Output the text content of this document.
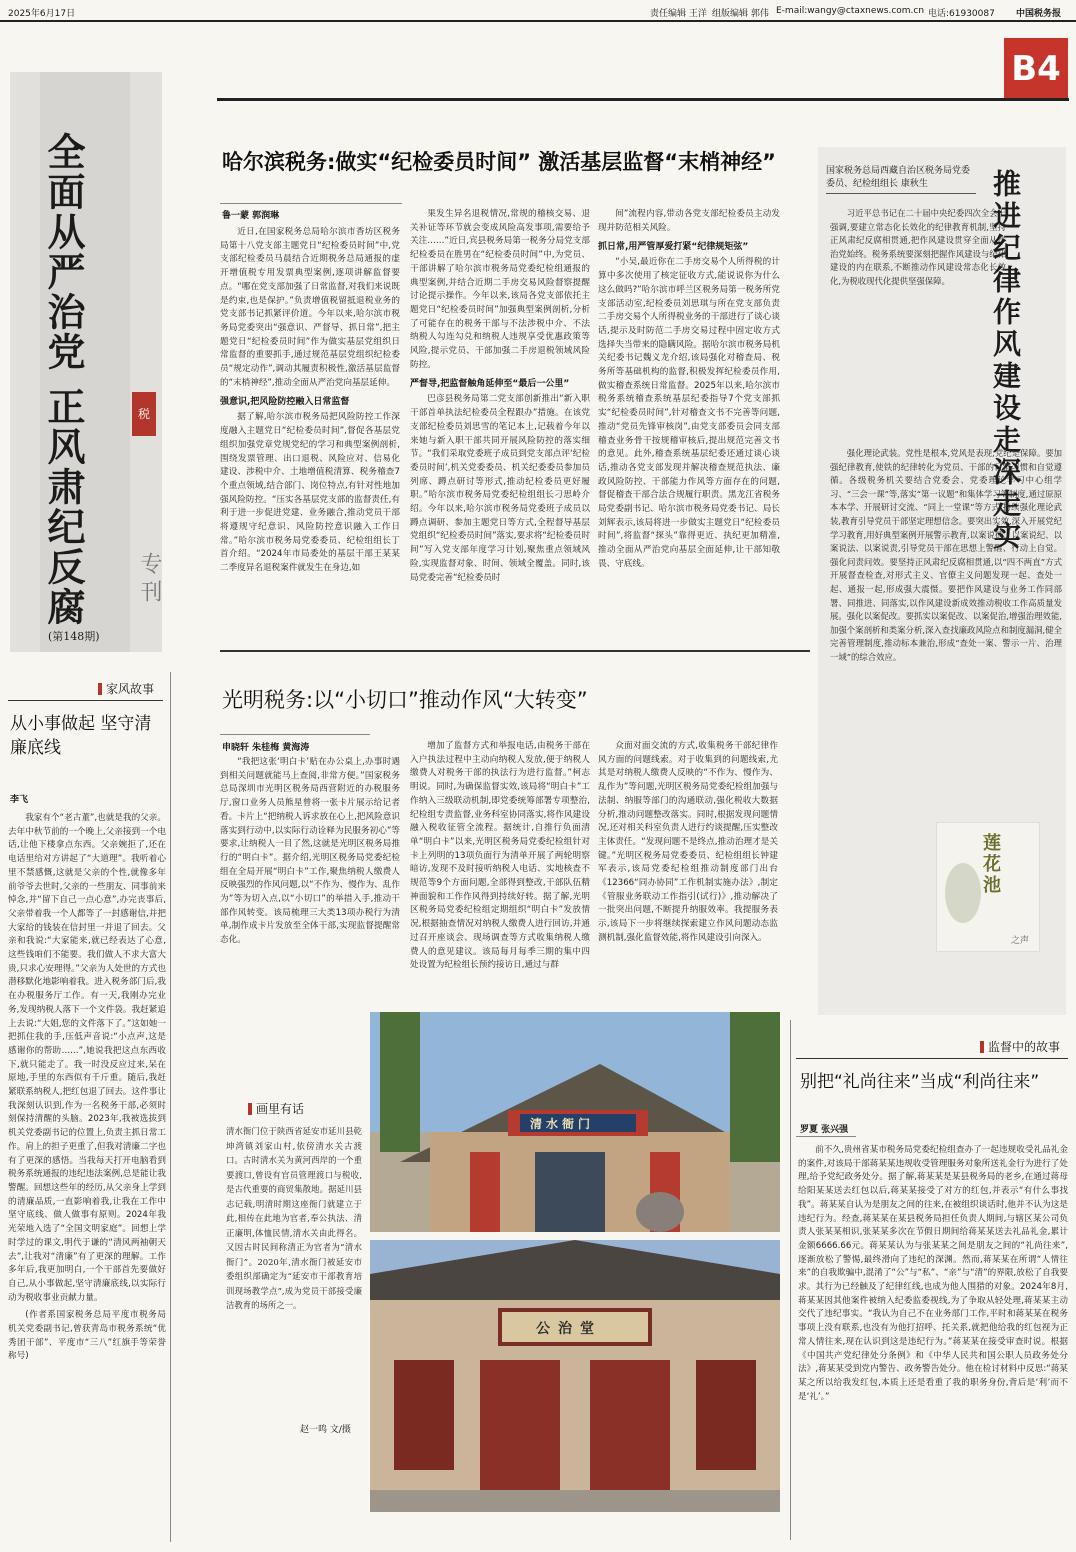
2025年6月17日	责任编辑 王洋 组版编辑 郭伟 E-mail:wangy@ctaxnews.com.cn 电话:61930087 中国税务报
B4
全面从严治党 正风肃纪反腐	税
专刊
(第148期)
哈尔滨税务:做实“纪检委员时间” 激活基层监督“末梢神经”
鲁一蒙 郭润琳
近日,在国家税务总局哈尔滨市香坊区税务局第十八党支部主题党日“纪检委员时间”中,党支部纪检委员马晨结合近期税务总局通报的虚开增值税专用发票典型案例,逐项讲解监督要点。“哪在党支部加强了日常监督,对我们来说既是约束,也是保护。”负责增值税留抵退税业务的党支部书记抓紧评价道。今年以来,哈尔滨市税务局党委突出“强意识、严督导、抓日常”,把主题党日“纪检委员时间”作为做实基层党组织日常监督的重要抓手,通过规范基层党组织纪检委员“规定动作”,调动其履责积极性,激活基层监督的“末梢神经”,推动全面从严治党向基层延伸。
强意识,把风险防控融入日常监督
据了解,哈尔滨市税务局把风险防控工作深度融入主题党日“纪检委员时间”,督促各基层党组织加强党章党规党纪的学习和典型案例剖析,围绕发票管理、出口退税、风险应对、信易化建设、涉税中介、土地增值税清算、税务稽查7个重点领域,结合部门、岗位特点,有针对性地加强风险防控。“压实各基层党支部的监督责任,有利于进一步促进党建、业务融合,推动党员干部将遵规守纪意识、风险防控意识融入工作日常。”哈尔滨市税务局党委委员、纪检组组长丁首介绍。“2024年市局委处的基层干部王某某二季度异名退税案件就发生在身边,如
果发生异名退税情况,常规的稽核交易、退关补证等环节就会变成风险高发事项,需要给予关注……”近日,宾县税务局第一税务分局党支部纪检委员在胜男在“纪检委员时间”中,为党员、干部讲解了哈尔滨市税务局党委纪检组通报的典型案例,并结合近期二手房交易风险督察提醒讨论提示操作。今年以来,该局各党支部依托主题党日“纪检委员时间”加强典型案例剖析,分析了可能存在的税务干部与不法涉税中介、不法纳税人勾连勾兑和纳税人违规享受优惠政策等风险,提示党员、干部加强二手房退税领域风险防控。
严督导,把监督触角延伸至“最后一公里”
巴彦县税务局第二党支部创新推出“新入职干部首单执法纪检委员全程跟办”措施。在该党支部纪检委员刘思雪的笔记本上,记载着今年以来她与新入职干部共同开展风险防控的落实细节。“我们采取党委班子成员到党支部点评‘纪检委员时间’,机关党委委员、机关纪委委员参加员列席、蹲点研讨等形式,推动纪检委员更好履职。”哈尔滨市税务局党委纪检组组长刁思岭介绍。今年以来,哈尔滨市税务局党委班子成员以蹲点调研、参加主题党日等方式,全程督导基层党组织“纪检委员时间”落实,要求将“纪检委员时间”写入党支部年度学习计划,聚焦重点领域风险,实现监督对象、时间、领域全覆盖。同时,该局党委完善“纪检委员时
间”流程内容,带动各党支部纪检委员主动发现并防范相关风险。
抓日常,用严管厚爱打紧“纪律规矩弦”
“小吴,最近你在二手房交易个人所得税的计算中多次使用了核定征收方式,能说说你为什么这么做吗?”哈尔滨市呼兰区税务局第一税务所党支部活动室,纪检委员刘思琪与所在党支部负责二手房交易个人所得税业务的干部进行了谈心谈话,提示及时防范二手房交易过程中固定收方式选择失当带来的隐瞒风险。据哈尔滨市税务局机关纪委书记魏义龙介绍,该局强化对稽查局、税务所等基础机构的监督,积极发挥纪检委员作用,做实稽查系统日常监督。2025年以来,哈尔滨市税务系统稽查系统基层纪委指导7个党支部抓实“纪检委员时间”,针对稽查文书不完善等问题,推动“党员先锋审核岗”,由党支部委员会同支部稽查业务骨干按规稽审核后,提出规范完善文书的意见。此外,稽查系统基层纪委还通过谈心谈话,推动各党支部发现并解决稽查规范执法、廉政风险防控、干部能力作风等方面存在的问题,督促稽查干部合法合规履行职责。黑龙江省税务局党委副书记、哈尔滨市税务局党委书记、局长刘辉表示,该局将进一步做实主题党日“纪检委员时间”,将监督“探头”靠得更近、执纪更加精准,推动全面从严治党向基层全面延伸,让干部知敬畏、守底线。
国家税务总局西藏自治区税务局党委委员、纪检组组长 康秋生	推进纪律作风建设走深走实
习近平总书记在二十届中央纪委四次全会上强调,要建立常态化长效化的纪律教育机制,坚持正风肃纪反腐相贯通,把作风建设贯穿全面从严治党始终。税务系统要深刻把握作风建设与纪律建设的内在联系,不断推动作风建设常态化长效化,为税收现代化提供坚强保障。
强化理论武装。党性是根本,党风是表现,党纪是保障。要加强纪律教育,使铁的纪律转化为党员、干部的日常习惯和自觉遵循。各级税务机关要结合党委会、党委理论学习中心组学习、“三会一课”等,落实“第一议题”和集体学习等制度,通过原原本本学、开展研讨交流、“同上一堂课”等方式,持续强化理论武装,教育引导党员干部坚定理想信念。要突出实效,深入开展党纪学习教育,用好典型案例开展警示教育,以案说德、以案说纪、以案说法、以案说责,引导党员干部在思想上警醒、行动上自觉。强化问责问效。要坚持正风肃纪反腐相贯通,以“四不两直”方式开展督查检查,对形式主义、官僚主义问题发现一起、查处一起、通报一起,形成强大震慑。要把作风建设与业务工作同部署、同推进、同落实,以作风建设新成效推动税收工作高质量发展。强化以案促改。要抓实以案促改、以案促治,增强治理效能,加强个案剖析和类案分析,深入查找廉政风险点和制度漏洞,健全完善管理制度,推动标本兼治,形成“查处一案、警示一片、治理一域”的综合效应。
莲花池
之声
家风故事
从小事做起 坚守清廉底线
李飞
我家有个“老古董”,也就是我的父亲。去年中秋节前的一个晚上,父亲接到一个电话,让他下楼拿点东西。父亲婉拒了,还在电话里给对方讲起了“大道理”。我听着心里不禁感慨,这就是父亲的个性,就像多年前爷爷去世时,父亲的一些朋友、同事前来悼念,并“留下自己一点心意”,办完丧事后,父亲带着我一个人都等了一封感谢信,并把大家给的钱装在信封里一并退了回去。父亲和我说:“大家能来,就已经表达了心意,这些钱咱们不能要。我们做人不求大富大贵,只求心安理得。”父亲为人处世的方式也潜移默化地影响着我。进入税务部门后,我在办税服务厅工作。有一天,我刚办完业务,发现纳税人落下一个文件袋。我赶紧追上去说:“大姐,您的文件落下了。”这如她一把抓住我的手,压低声音说:“小点声,这是感谢你的帮助……”,她说我把这点东西收下,就只能走了。我一时没反应过来,呆在原地,手里的东西似有千斤重。随后,我赶紧联系纳税人,把红包退了回去。这件事让我深刻认识到,作为一名税务干部,必须时刻保持清醒的头脑。2023年,我被选拔到机关党委副书记的位置上,负责主抓日常工作。肩上的担子更重了,但我对清廉二字也有了更深的感悟。当我每天打开电脑看到税务系统通报的违纪违法案例,总是能让我警醒。回想这些年的经历,从父亲身上学到的清廉品质,一直影响着我,让我在工作中坚守底线、做人做事有原则。2024年我光荣地入选了“全国文明家庭”。回想上学时学过的课文,明代于谦的“清风两袖朝天去”,让我对“清廉”有了更深的理解。工作多年后,我更加明白,一个干部首先要做好自己,从小事做起,坚守清廉底线,以实际行动为税收事业贡献力量。
(作者系国家税务总局平度市税务局机关党委副书记,曾获青岛市税务系统“优秀团干部”、平度市“三八”红旗手等荣誉称号)
光明税务:以“小切口”推动作风“大转变”
申晓轩 朱桂梅 黄海涛
“我把这张‘明白卡’贴在办公桌上,办事时遇到相关问题就能马上查阅,非常方便。”国家税务总局深圳市光明区税务局西营附近的办税服务厅,窗口业务人员熊星曾将一张卡片展示给记者看。卡片上“把纳税人诉求放在心上,把风险意识落实到行动中,以实际行动诠释为民服务初心”等要求,让纳税人一目了然,这就是光明区税务局推行的“明白卡”。据介绍,光明区税务局党委纪检组在全局开展“明白卡”工作,聚焦纳税人缴费人反映强烈的作风问题,以“不作为、慢作为、乱作为”等为切入点,以“小切口”的举措入手,推动干部作风转变。该局梳理三大类13项办税行为清单,制作成卡片发放至全体干部,实现监督提醒常态化。
增加了监督方式和举报电话,由税务干部在入户执法过程中主动向纳税人发放,便于纳税人缴费人对税务干部的执法行为进行监督。”柯志明说。同时,为确保监督实效,该局将“明白卡”工作纳入三级联动机制,即党委统筹部署专项整治,纪检组专责监督,业务科室协同落实,将作风建设融入税收征管全流程。据统计,自推行负面清单“明白卡”以来,光明区税务局党委纪检组针对卡上列明的13项负面行为清单开展了两轮明察暗访,发现不及时接听纳税人电话、实地核查不规范等9个方面问题,全部得到整改,干部队伍精神面貌和工作作风得到持续好转。据了解,光明区税务局党委纪检组定期组织“明白卡”发放情况,根据抽查情况对纳税人缴费人进行回访,并通过召开座谈会、现场调查等方式收集纳税人缴费人的意见建议。该局每月每季三期的集中四处设置为纪检组长预约接访日,通过与群
众面对面交流的方式,收集税务干部纪律作风方面的问题线索。对于收集到的问题线索,尤其是对纳税人缴费人反映的“不作为、慢作为、乱作为”等问题,光明区税务局党委纪检组加强与法制、纳服等部门的沟通联动,强化税收大数据分析,推动问题整改落实。同时,根据发现问题情况,还对相关科室负责人进行约谈提醒,压实整改主体责任。“发现问题不是终点,推动治理才是关键。”光明区税务局党委委员、纪检组组长钟建军表示,该局党委纪检组推动制度部门出台《12366“同办协同”工作机制实施办法》,制定《管服业务联动工作指引(试行)》,推动解决了一批突出问题,不断提升纳服效率。我提服务表示,该局下一步将继续探索建立作风问题动态监测机制,强化监督效能,将作风建设引向深入。
画里有话
清水衙门位于陕西省延安市延川县乾坤湾镇刘家山村,依傍清水关古渡口。古时清水关为黄河西岸的一个重要渡口,曾设有官员管理渡口与税收,是古代重要的商贸集散地。据延川县志记载,明清时期这座衙门就建立于此,相传在此地为官者,奉公执法、清正廉明,体恤民情,清水关由此得名。又因古时民间称清正为官者为“清水衙门”。2020年,清水衙门被延安市委组织部确定为“延安市干部教育培训现场教学点”,成为党员干部接受廉洁教育的场所之一。
赵一鸣 文/摄
清水衙门
公治堂
监督中的故事
别把“礼尚往来”当成“利尚往来”
罗夏 张兴强
前不久,贵州省某市税务局党委纪检组查办了一起违规收受礼品礼金的案件,对该局干部蒋某某违规收受管理服务对象所送礼金行为进行了处理,给予党纪政务处分。据了解,蒋某某是某县税务局的老乡,在通过蒋母给阳某某送去红包以后,蒋某某接受了对方的红包,并表示“有什么事找我”。蒋某某自认为是朋友之间的往来,在被组织谈话时,他并不认为这是违纪行为。经查,蒋某某在某县税务局担任负责人期间,与辖区某公司负责人张某某相识,张某某多次在节假日期间给蒋某某送去礼品礼金,累计金额6666.66元。蒋某某认为与张某某之间是朋友之间的“礼尚往来”,逐渐放松了警惕,最终滑向了违纪的深渊。然而,蒋某某在所谓“人情往来”的自我欺骗中,混淆了“公”与“私”、“亲”与“清”的界限,放松了自我要求。其行为已经触及了纪律红线,也成为他人围猎的对象。2024年8月,蒋某某因其他案件被纳入纪委监委视线,为了争取从轻处理,蒋某某主动交代了违纪事实。“我认为自己不在业务部门工作,平时和蒋某某在税务事项上没有联系,也没有为他打招呼、托关系,就把他给我的红包视为正常人情往来,现在认识到这是违纪行为。”蒋某某在接受审查时说。根据《中国共产党纪律处分条例》和《中华人民共和国公职人员政务处分法》,蒋某某受到党内警告、政务警告处分。他在检讨材料中反思:“蒋某某之所以给我发红包,本质上还是看重了我的职务身份,背后是‘利’而不是‘礼’。”
